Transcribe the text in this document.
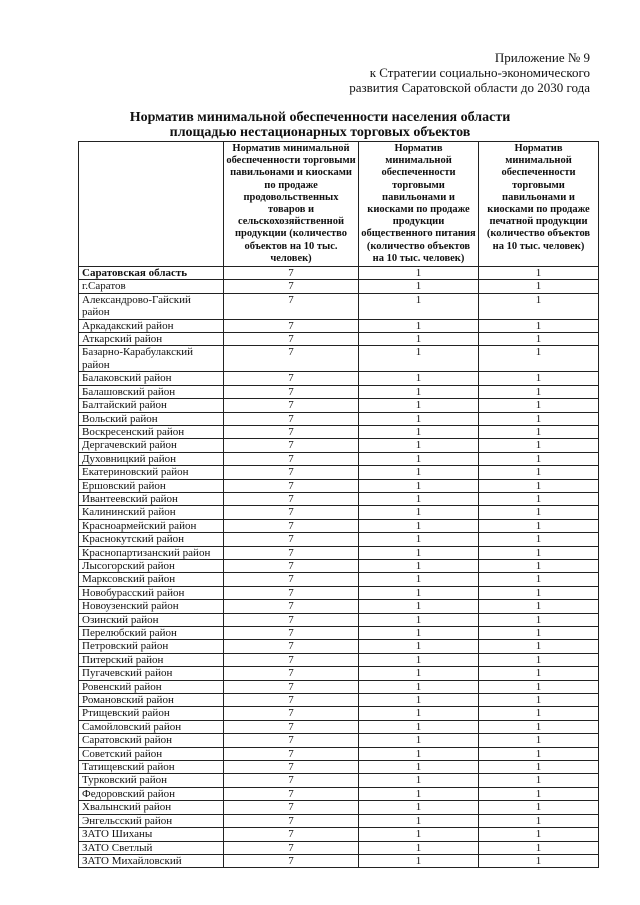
Приложение № 9
к Стратегии социально-экономического
развития Саратовской области до 2030 года
Норматив минимальной обеспеченности населения области
площадью нестационарных торговых объектов
	Норматив минимальной обеспеченности торговыми павильонами и киосками по продаже продовольственных товаров и сельскохозяйственной продукции (количество объектов на 10 тыс. человек)	Норматив минимальной обеспеченности торговыми павильонами и киосками по продаже продукции общественного питания (количество объектов на 10 тыс. человек)	Норматив минимальной обеспеченности торговыми павильонами и киосками по продаже печатной продукции (количество объектов на 10 тыс. человек)
Саратовская область	7	1	1
г.Саратов	7	1	1
Александрово-Гайский район	7	1	1
Аркадакский район	7	1	1
Аткарский район	7	1	1
Базарно-Карабулакский район	7	1	1
Балаковский район	7	1	1
Балашовский район	7	1	1
Балтайский район	7	1	1
Вольский район	7	1	1
Воскресенский район	7	1	1
Дергачевский район	7	1	1
Духовницкий район	7	1	1
Екатериновский район	7	1	1
Ершовский район	7	1	1
Ивантеевский район	7	1	1
Калининский район	7	1	1
Красноармейский район	7	1	1
Краснокутский район	7	1	1
Краснопартизанский район	7	1	1
Лысогорский район	7	1	1
Марксовский район	7	1	1
Новобурасский район	7	1	1
Новоузенский район	7	1	1
Озинский район	7	1	1
Перелюбский район	7	1	1
Петровский район	7	1	1
Питерский район	7	1	1
Пугачевский район	7	1	1
Ровенский район	7	1	1
Романовский район	7	1	1
Ртищевский район	7	1	1
Самойловский район	7	1	1
Саратовский район	7	1	1
Советский район	7	1	1
Татищевский район	7	1	1
Турковский район	7	1	1
Федоровский район	7	1	1
Хвалынский район	7	1	1
Энгельсский район	7	1	1
ЗАТО Шиханы	7	1	1
ЗАТО Светлый	7	1	1
ЗАТО Михайловский	7	1	1
